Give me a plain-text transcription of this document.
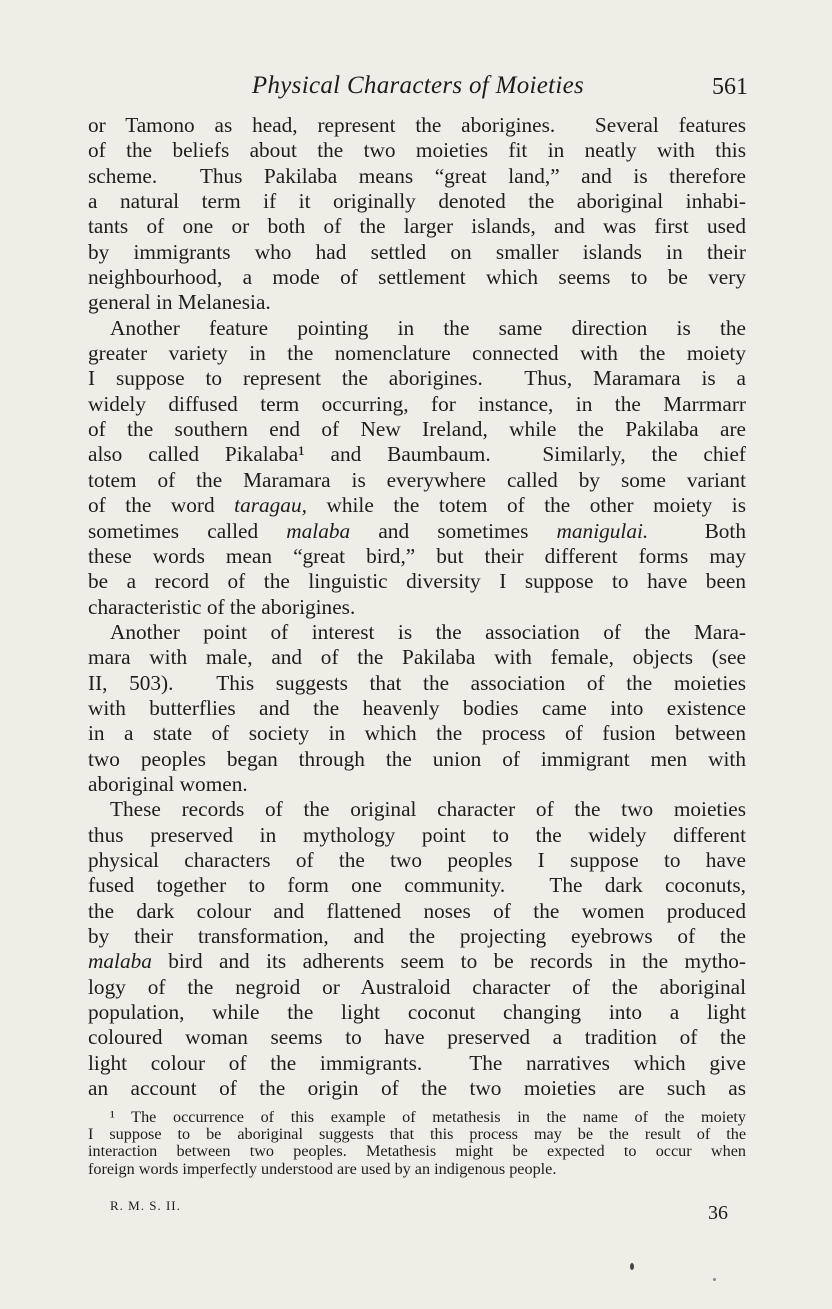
Physical Characters of Moieties	561
or Tamono as head, represent the aborigines.  Several features
of the beliefs about the two moieties fit in neatly with this
scheme.  Thus Pakilaba means “great land,” and is therefore
a natural term if it originally denoted the aboriginal inhabi-
tants of one or both of the larger islands, and was first used
by immigrants who had settled on smaller islands in their
neighbourhood, a mode of settlement which seems to be very
general in Melanesia.
Another feature pointing in the same direction is the
greater variety in the nomenclature connected with the moiety
I suppose to represent the aborigines.  Thus, Maramara is a
widely diffused term occurring, for instance, in the Marrmarr
of the southern end of New Ireland, while the Pakilaba are
also called Pikalaba¹ and Baumbaum.  Similarly, the chief
totem of the Maramara is everywhere called by some variant
of the word taragau, while the totem of the other moiety is
sometimes called malaba and sometimes manigulai.  Both
these words mean “great bird,” but their different forms may
be a record of the linguistic diversity I suppose to have been
characteristic of the aborigines.
Another point of interest is the association of the Mara-
mara with male, and of the Pakilaba with female, objects (see
II, 503).  This suggests that the association of the moieties
with butterflies and the heavenly bodies came into existence
in a state of society in which the process of fusion between
two peoples began through the union of immigrant men with
aboriginal women.
These records of the original character of the two moieties
thus preserved in mythology point to the widely different
physical characters of the two peoples I suppose to have
fused together to form one community.  The dark coconuts,
the dark colour and flattened noses of the women produced
by their transformation, and the projecting eyebrows of the
malaba bird and its adherents seem to be records in the mytho-
logy of the negroid or Australoid character of the aboriginal
population, while the light coconut changing into a light
coloured woman seems to have preserved a tradition of the
light colour of the immigrants.  The narratives which give
an account of the origin of the two moieties are such as
¹ The occurrence of this example of metathesis in the name of the moiety
I suppose to be aboriginal suggests that this process may be the result of the
interaction between two peoples. Metathesis might be expected to occur when
foreign words imperfectly understood are used by an indigenous people.
R. M. S. II.	36
